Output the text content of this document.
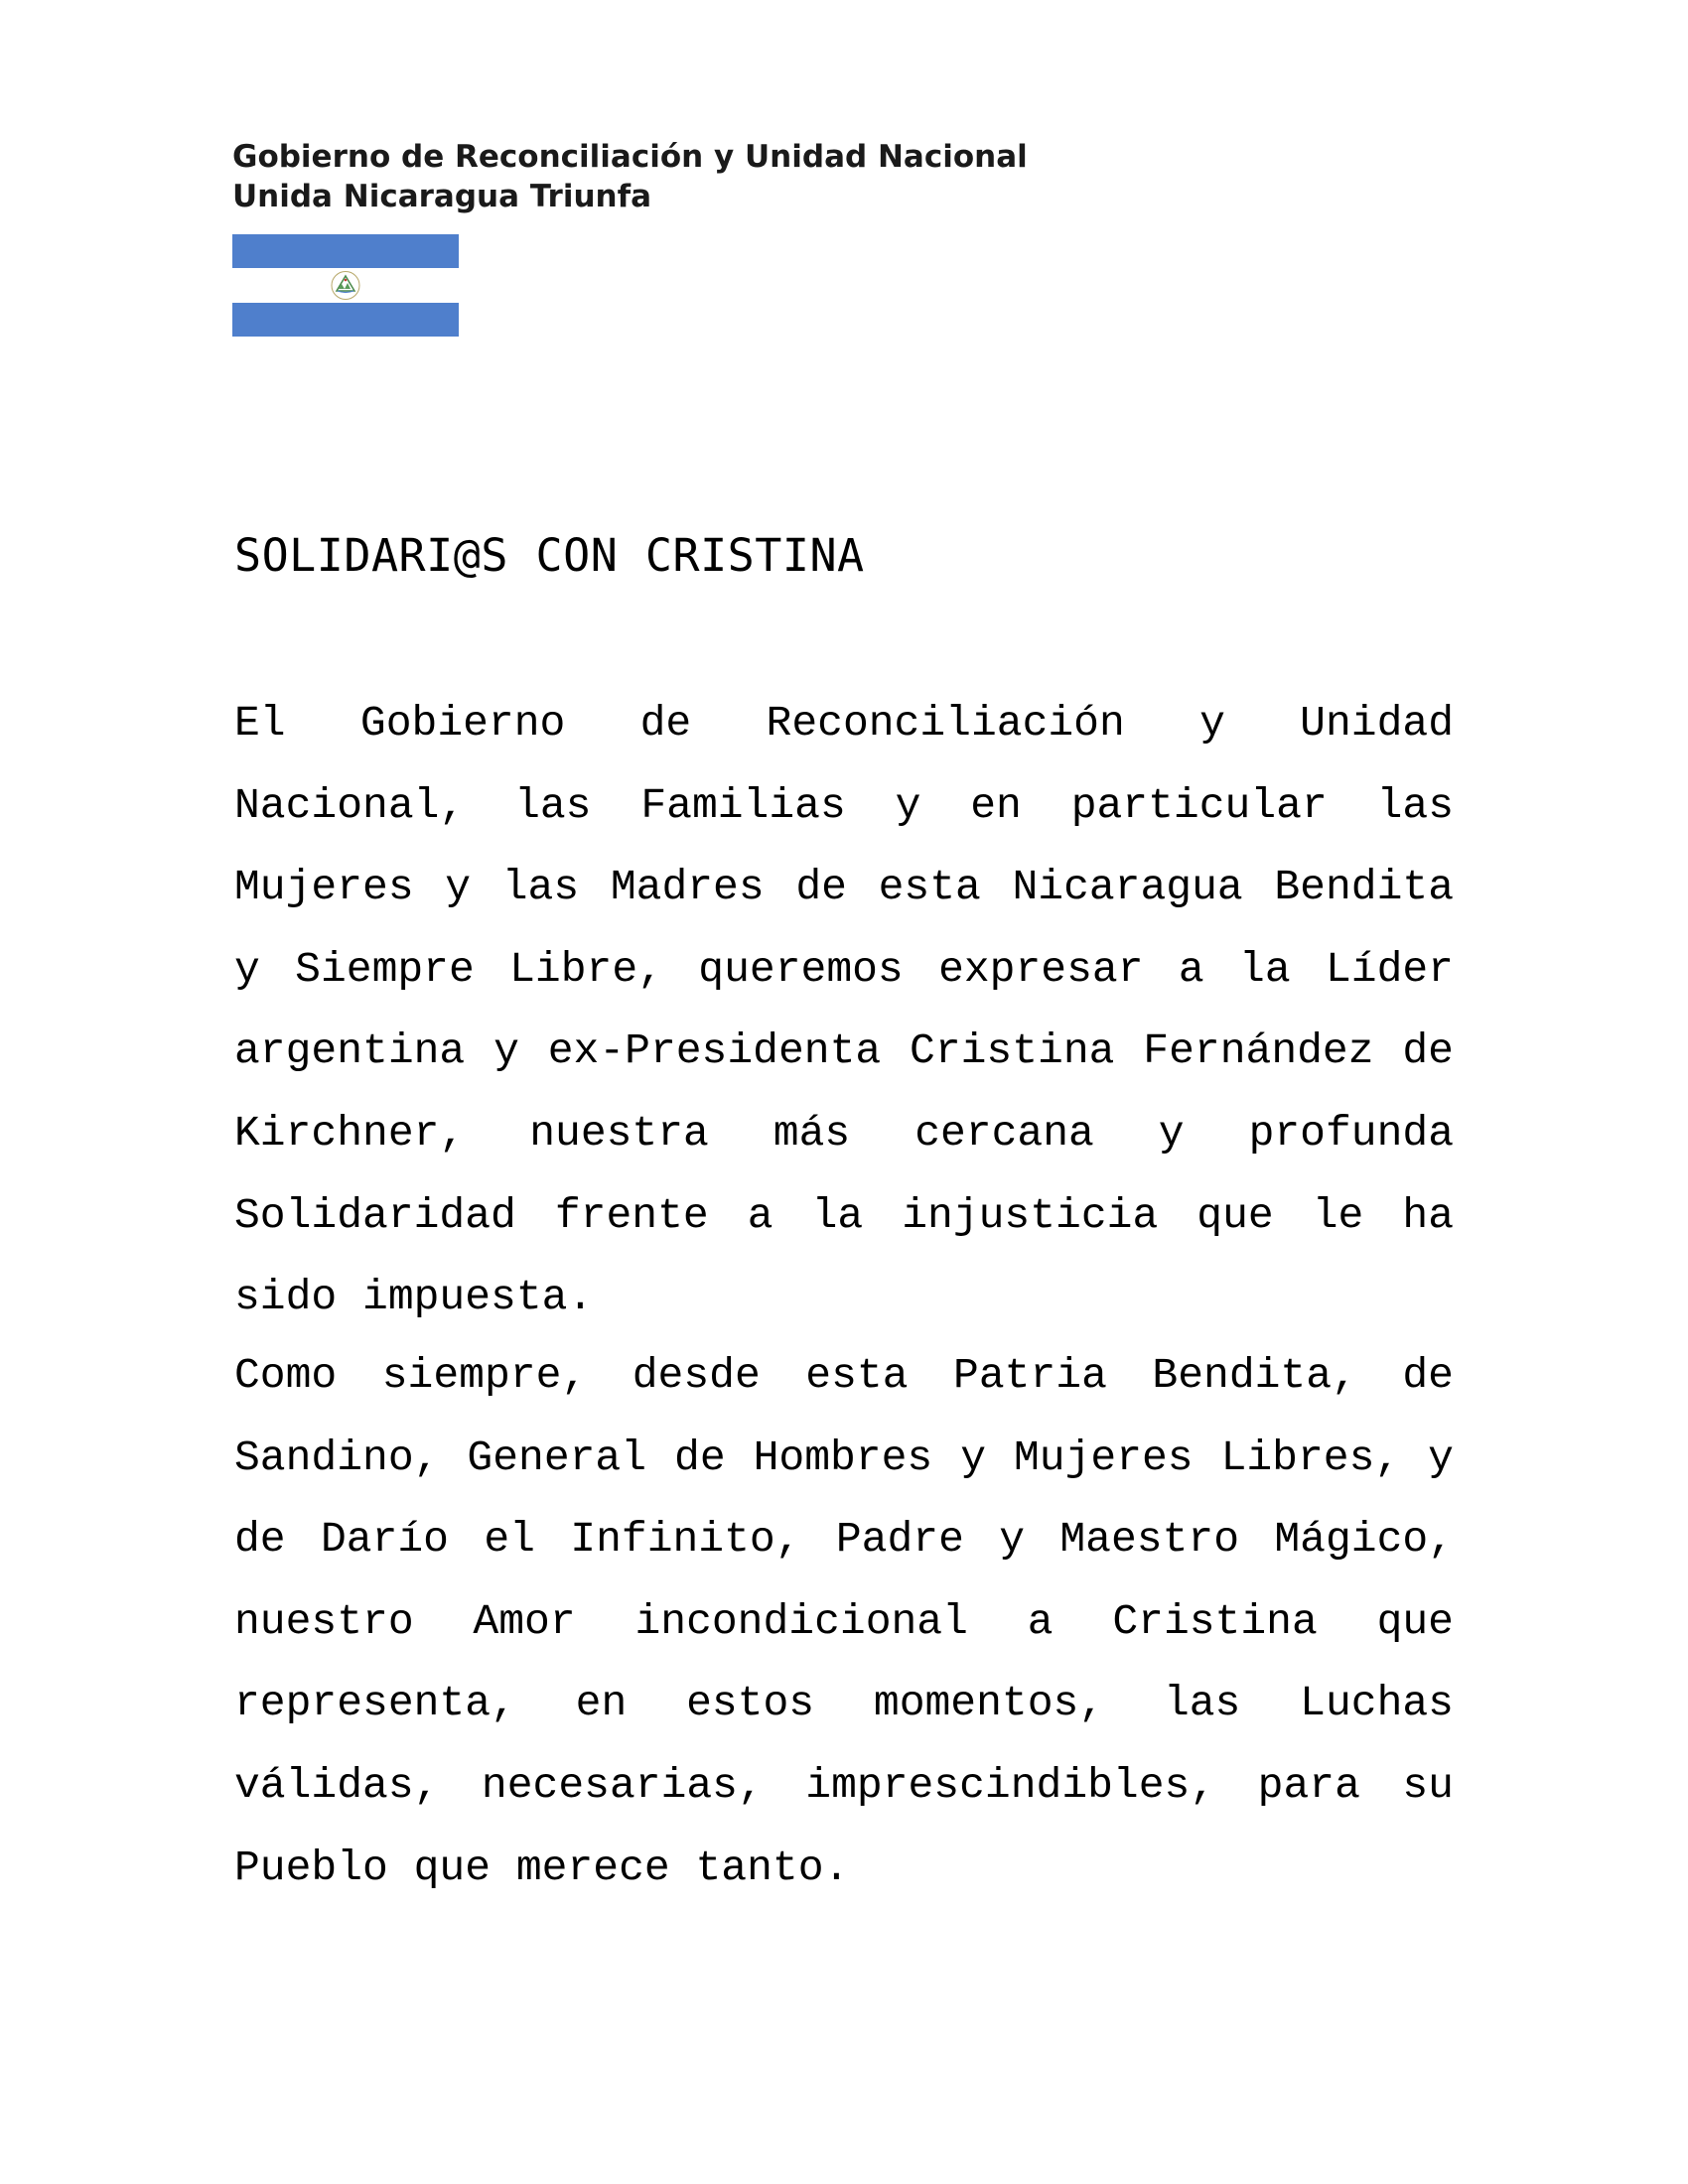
Gobierno de Reconciliación y Unidad Nacional
Unida Nicaragua Triunfa
SOLIDARI@S CON CRISTINA
El Gobierno de Reconciliación y Unidad Nacional, las Familias y en particular las Mujeres y las Madres de esta Nicaragua Bendita y Siempre Libre, queremos expresar a la Líder argentina y ex-Presidenta Cristina Fernández de Kirchner, nuestra más cercana y profunda Solidaridad frente a la injusticia que le ha sido impuesta.
Como siempre, desde esta Patria Bendita, de Sandino, General de Hombres y Mujeres Libres, y de Darío el Infinito, Padre y Maestro Mágico, nuestro Amor incondicional a Cristina que representa, en estos momentos, las Luchas válidas, necesarias, imprescindibles, para su Pueblo que merece tanto.
